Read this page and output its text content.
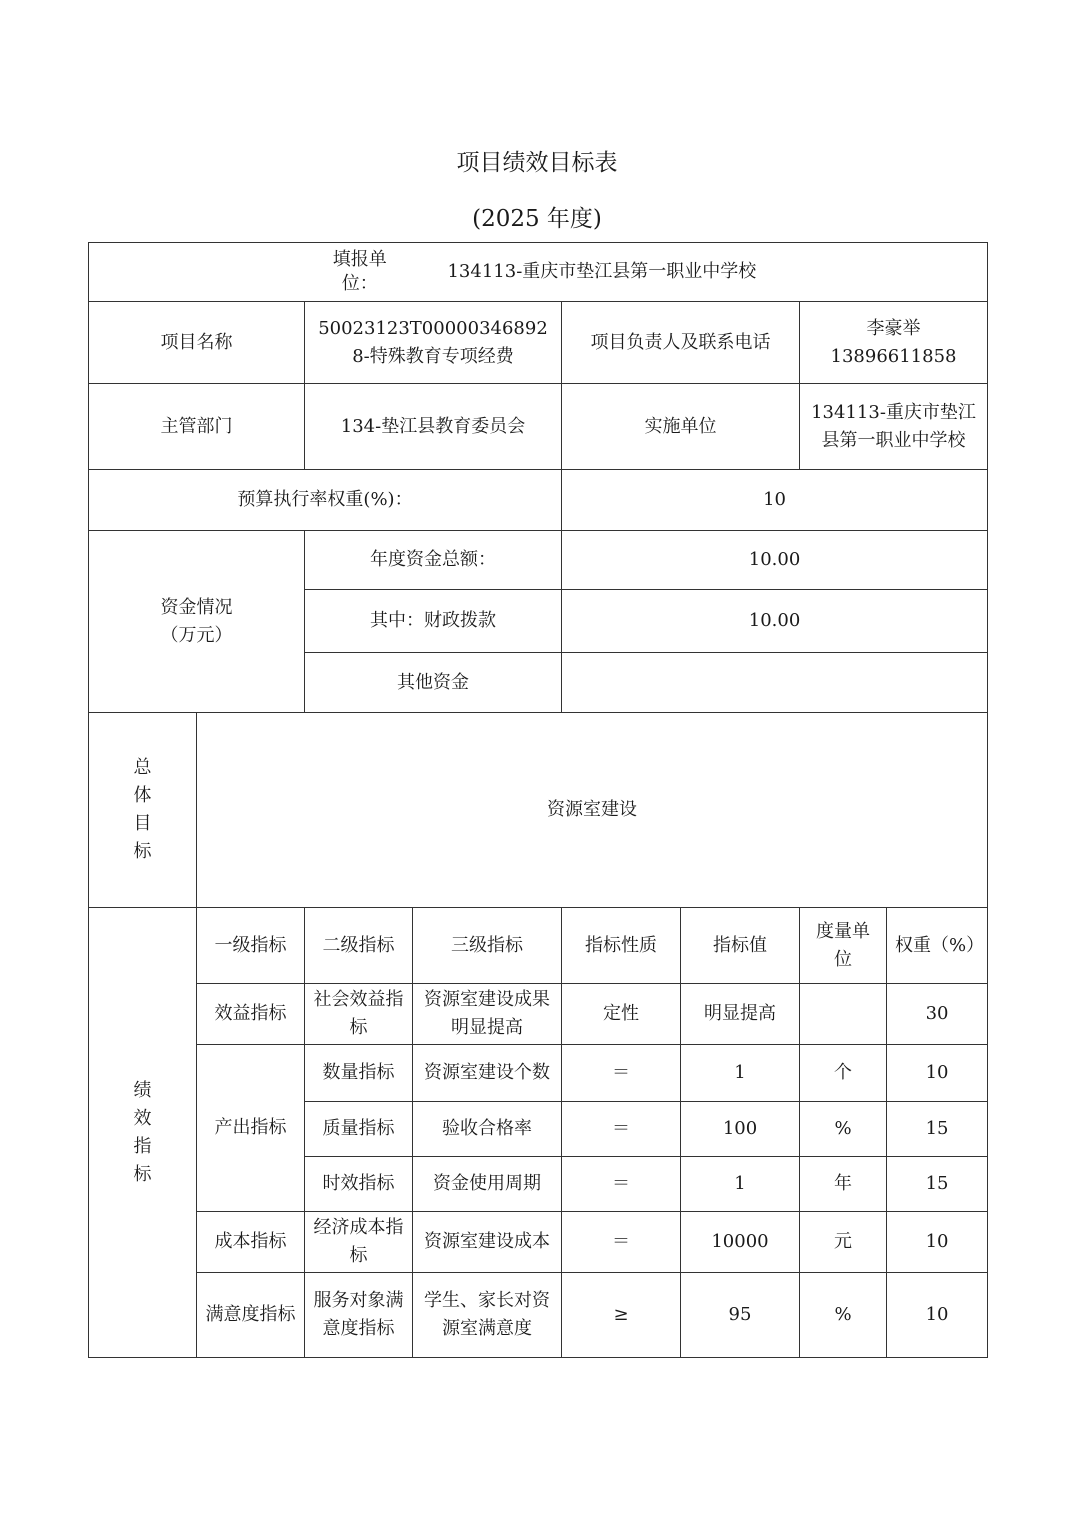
项目绩效目标表
(2025 年度)
填报单位： 134113-重庆市垫江县第一职业中学校							
项目名称		50023123T000003468928-特殊教育专项经费		项目负责人及联系电话		李豪举
13896611858	

主管部门		134-垫江县教育委员会		实施单位		134113-重庆市垫江县第一职业中学校	
预算执行率权重(%)：				10			

资金情况
（万元）		年度资金总额：		10.00			
		其中：财政拨款		10.00			
		其他资金					

总
体
目
标	资源室建设						

绩
效
指
标	一级指标	二级指标	三级指标	指标性质	指标值	度量单位	权重（%）
	效益指标	社会效益指标	资源室建设成果明显提高	定性	明显提高		30
	产出指标	数量指标	资源室建设个数	＝	1	个	10
		质量指标	验收合格率	＝	100	%	15
		时效指标	资金使用周期	＝	1	年	15
	成本指标	经济成本指标	资源室建设成本	＝	10000	元	10
	满意度指标	服务对象满意度指标	学生、家长对资源室满意度	≥	95	%	10
